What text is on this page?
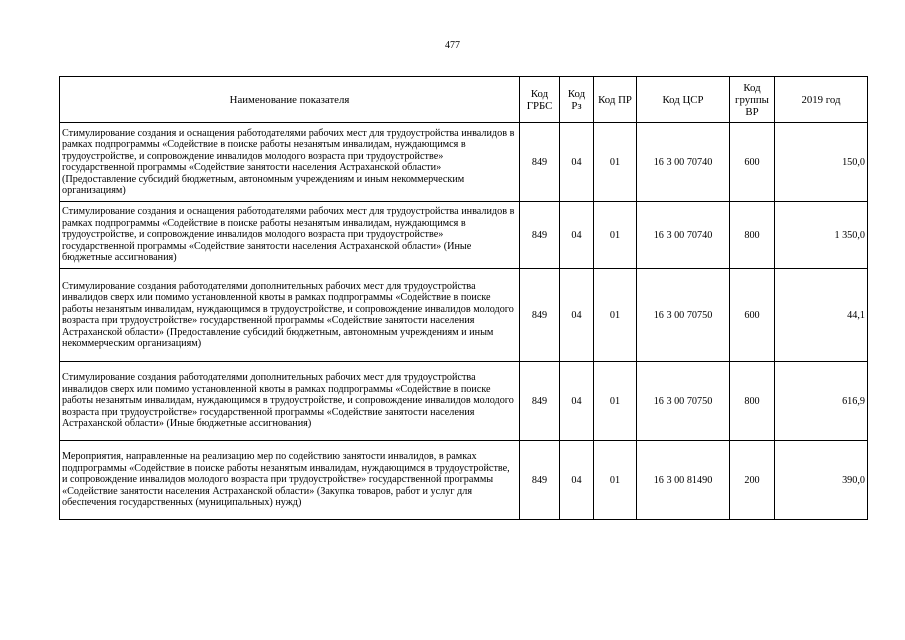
477
Наименование показателя	Код ГРБС	Код Рз	Код ПР	Код ЦСР	Код группы ВР	2019 год
Стимулирование создания и оснащения работодателями рабочих мест для трудоустройства инвалидов в рамках подпрограммы «Содействие в поиске работы незанятым инвалидам, нуждающимся в трудоустройстве, и сопровождение инвалидов молодого возраста при трудоустройстве» государственной программы «Содействие занятости населения Астраханской области» (Предоставление субсидий бюджетным, автономным учреждениям и иным некоммерческим организациям)	849	04	01	16 3 00 70740	600	150,0
Стимулирование создания и оснащения работодателями рабочих мест для трудоустройства инвалидов в рамках подпрограммы «Содействие в поиске работы незанятым инвалидам, нуждающимся в трудоустройстве, и сопровождение инвалидов молодого возраста при трудоустройстве» государственной программы «Содействие занятости населения Астраханской области» (Иные бюджетные ассигнования)	849	04	01	16 3 00 70740	800	1 350,0
Стимулирование создания работодателями дополнительных рабочих мест для трудоустройства инвалидов сверх или помимо установленной квоты в рамках подпрограммы «Содействие в поиске работы незанятым инвалидам, нуждающимся в трудоустройстве, и сопровождение инвалидов молодого возраста при трудоустройстве» государственной программы «Содействие занятости населения Астраханской области» (Предоставление субсидий бюджетным, автономным учреждениям и иным некоммерческим организациям)	849	04	01	16 3 00 70750	600	44,1
Стимулирование создания работодателями дополнительных рабочих мест для трудоустройства инвалидов сверх или помимо установленной квоты в рамках подпрограммы «Содействие в поиске работы незанятым инвалидам, нуждающимся в трудоустройстве, и сопровождение инвалидов молодого возраста при трудоустройстве» государственной программы «Содействие занятости населения Астраханской области» (Иные бюджетные ассигнования)	849	04	01	16 3 00 70750	800	616,9
Мероприятия, направленные на реализацию мер по содействию занятости инвалидов, в рамках подпрограммы «Содействие в поиске работы незанятым инвалидам, нуждающимся в трудоустройстве, и сопровождение инвалидов молодого возраста при трудоустройстве» государственной программы «Содействие занятости населения Астраханской области» (Закупка товаров, работ и услуг для обеспечения государственных (муниципальных) нужд)	849	04	01	16 3 00 81490	200	390,0
